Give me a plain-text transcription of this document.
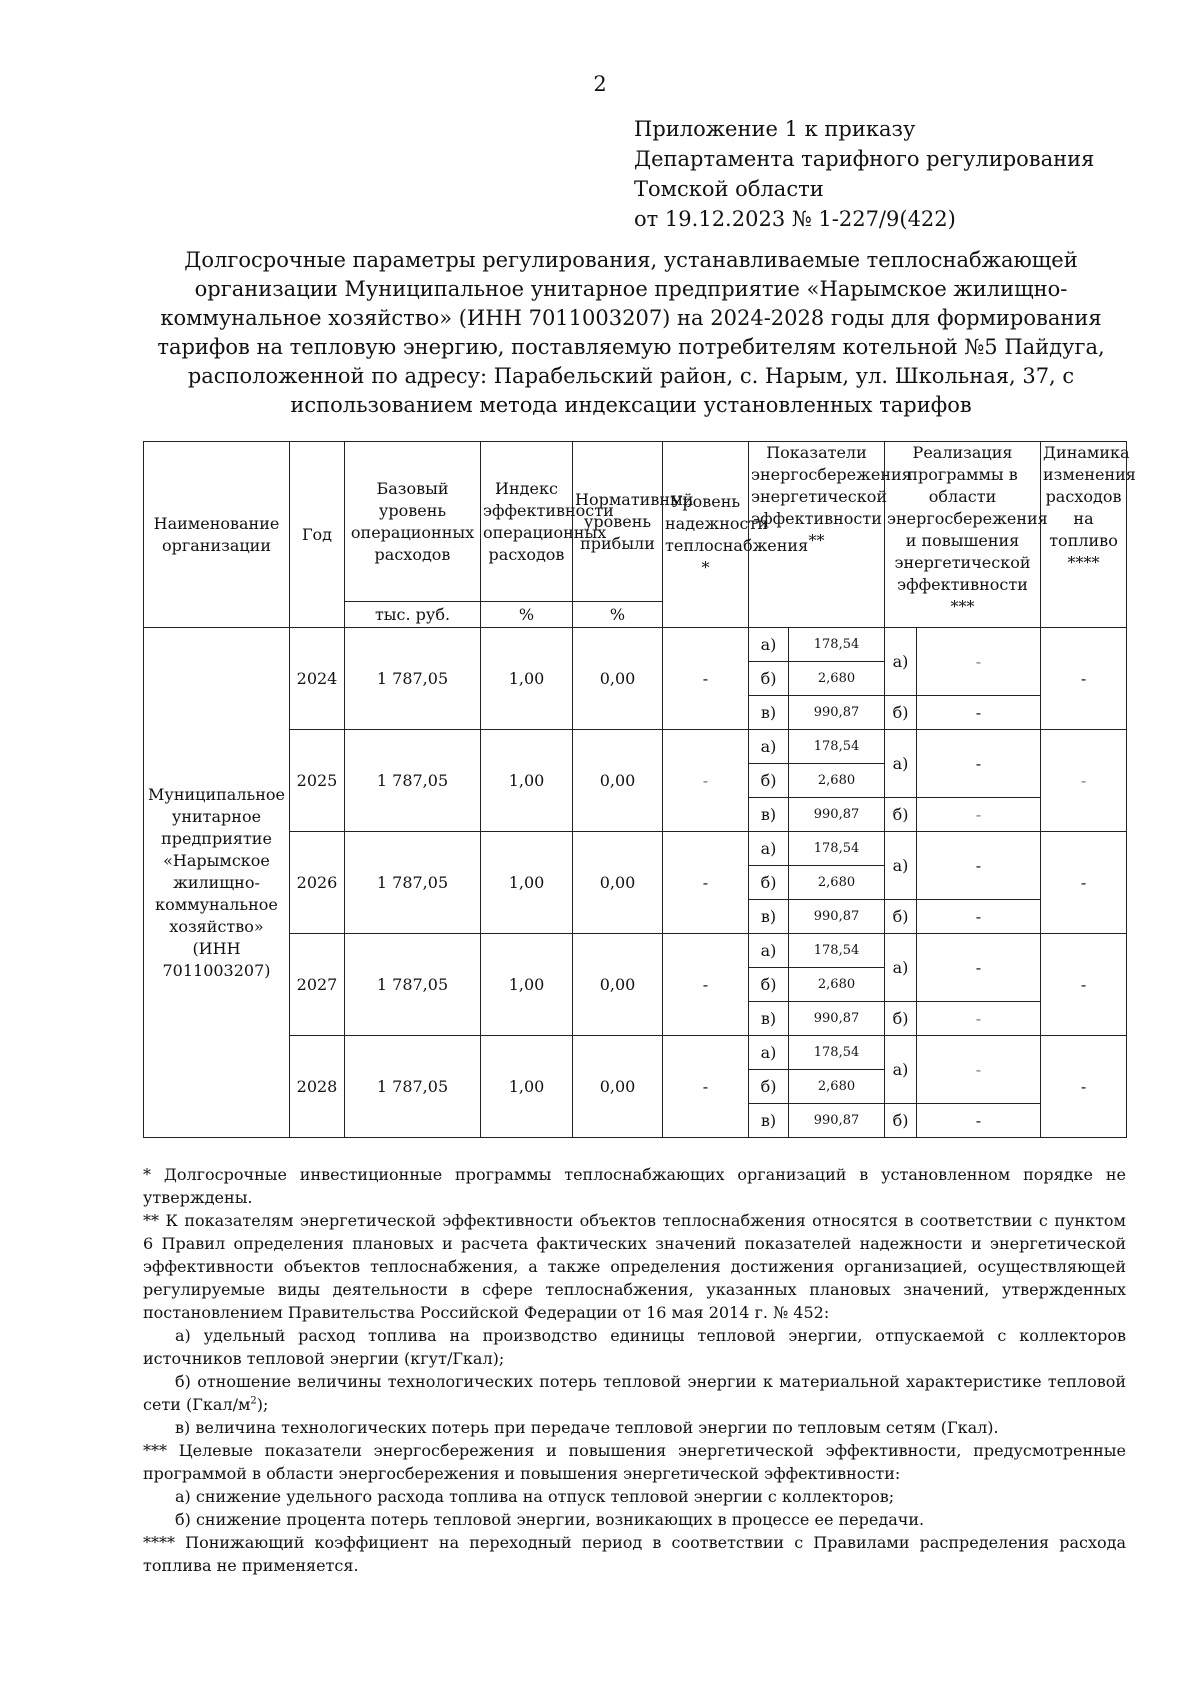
2
Приложение 1 к приказу
Департамента тарифного регулирования
Томской области
от 19.12.2023 № 1-227/9(422)
Долгосрочные параметры регулирования, устанавливаемые теплоснабжающей организации Муниципальное унитарное предприятие «Нарымское жилищно-коммунальное хозяйство» (ИНН 7011003207) на 2024-2028 годы для формирования тарифов на тепловую энергию, поставляемую потребителям котельной №5 Пайдуга, расположенной по адресу: Парабельский район, с. Нарым, ул. Школьная, 37, с использованием метода индексации установленных тарифов
Наименование организации	Год	Базовый уровень операционных расходов	Индекс эффективности операционных расходов	Нормативный уровень прибыли	Уровень надежности теплоснабжения *	Показатели энергосбережения энергетической эффективности **		Реализация программы в области энергосбережения и повышения энергетической эффективности ***		Динамика изменения расходов на топливо ****
		тыс. руб.	%	%						
Муниципальное унитарное предприятие «Нарымское жилищно-коммунальное хозяйство» (ИНН 7011003207)	2024	1 787,05	1,00	0,00	-	а)	178,54	а)	-	-
						б)	2,680			
						в)	990,87	б)	-	
	2025	1 787,05	1,00	0,00	-	а)	178,54	а)	-	-
						б)	2,680			
						в)	990,87	б)	-	
	2026	1 787,05	1,00	0,00	-	а)	178,54	а)	-	-
						б)	2,680			
						в)	990,87	б)	-	
	2027	1 787,05	1,00	0,00	-	а)	178,54	а)	-	-
						б)	2,680			
						в)	990,87	б)	-	
	2028	1 787,05	1,00	0,00	-	а)	178,54	а)	-	-
						б)	2,680			
						в)	990,87	б)	-	

* Долгосрочные инвестиционные программы теплоснабжающих организаций в установленном порядке не утверждены.

** К показателям энергетической эффективности объектов теплоснабжения относятся в соответствии с пунктом 6 Правил определения плановых и расчета фактических значений показателей надежности и энергетической эффективности объектов теплоснабжения, а также определения достижения организацией, осуществляющей регулируемые виды деятельности в сфере теплоснабжения, указанных плановых значений, утвержденных постановлением Правительства Российской Федерации от 16 мая 2014 г. № 452:

а) удельный расход топлива на производство единицы тепловой энергии, отпускаемой с коллекторов источников тепловой энергии (кгут/Гкал);

б) отношение величины технологических потерь тепловой энергии к материальной характеристике тепловой сети $(Гкал/м^2)$;

в) величина технологических потерь при передаче тепловой энергии по тепловым сетям (Гкал).

*** Целевые показатели энергосбережения и повышения энергетической эффективности, предусмотренные программой в области энергосбережения и повышения энергетической эффективности:

а) снижение удельного расхода топлива на отпуск тепловой энергии с коллекторов;

б) снижение процента потерь тепловой энергии, возникающих в процессе ее передачи.

**** Понижающий коэффициент на переходный период в соответствии с Правилами распределения расхода топлива не применяется.
